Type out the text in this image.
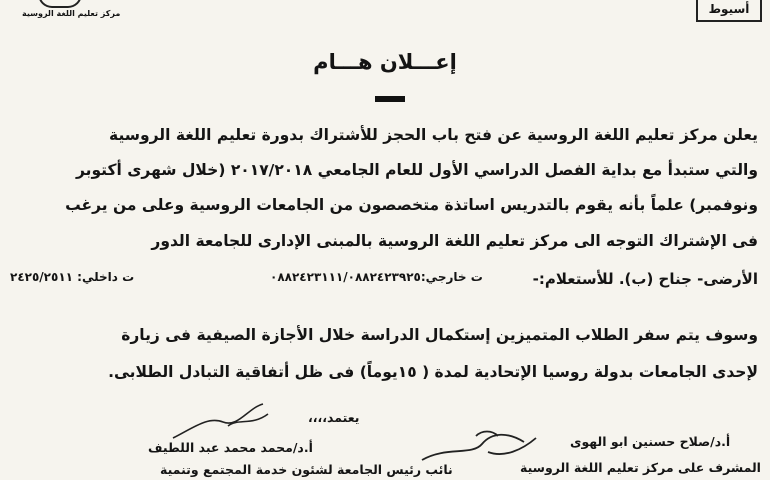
مركز تعليم اللغة الروسية	أسيوط
إعـــلان هـــام
يعلن مركز تعليم اللغة الروسية عن فتح باب الحجز للأشتراك بدورة تعليم اللغة الروسية
والتي ستبدأ مع بداية الفصل الدراسي الأول للعام الجامعي ٢٠١٧/٢٠١٨ (خلال شهرى أكتوبر
ونوفمبر) علماً بأنه يقوم بالتدريس اساتذة متخصصون من الجامعات الروسية وعلى من يرغب
فى الإشتراك التوجه الى مركز تعليم اللغة الروسية بالمبنى الإدارى للجامعة الدور
الأرضى- جناح (ب). للأستعلام:-
ت خارجي:٠٨٨٢٤٢٣١١١/٠٨٨٢٤٢٣٩٢٥
ت داخلي: ٢٤٢٥/٢٥١١
وسوف يتم سفر الطلاب المتميزين إستكمال الدراسة خلال الأجازة الصيفية فى زيارة
لإحدى الجامعات بدولة روسيا الإتحادية لمدة ( ١٥يوماً) فى ظل أتفاقية التبادل الطلابى.
يعتمد،،،،
أ.د/محمد محمد عبد اللطيف
نائب رئيس الجامعة لشئون خدمة المجتمع وتنمية
أ.د/صلاح حسنين ابو الهوى
المشرف على مركز تعليم اللغة الروسية
